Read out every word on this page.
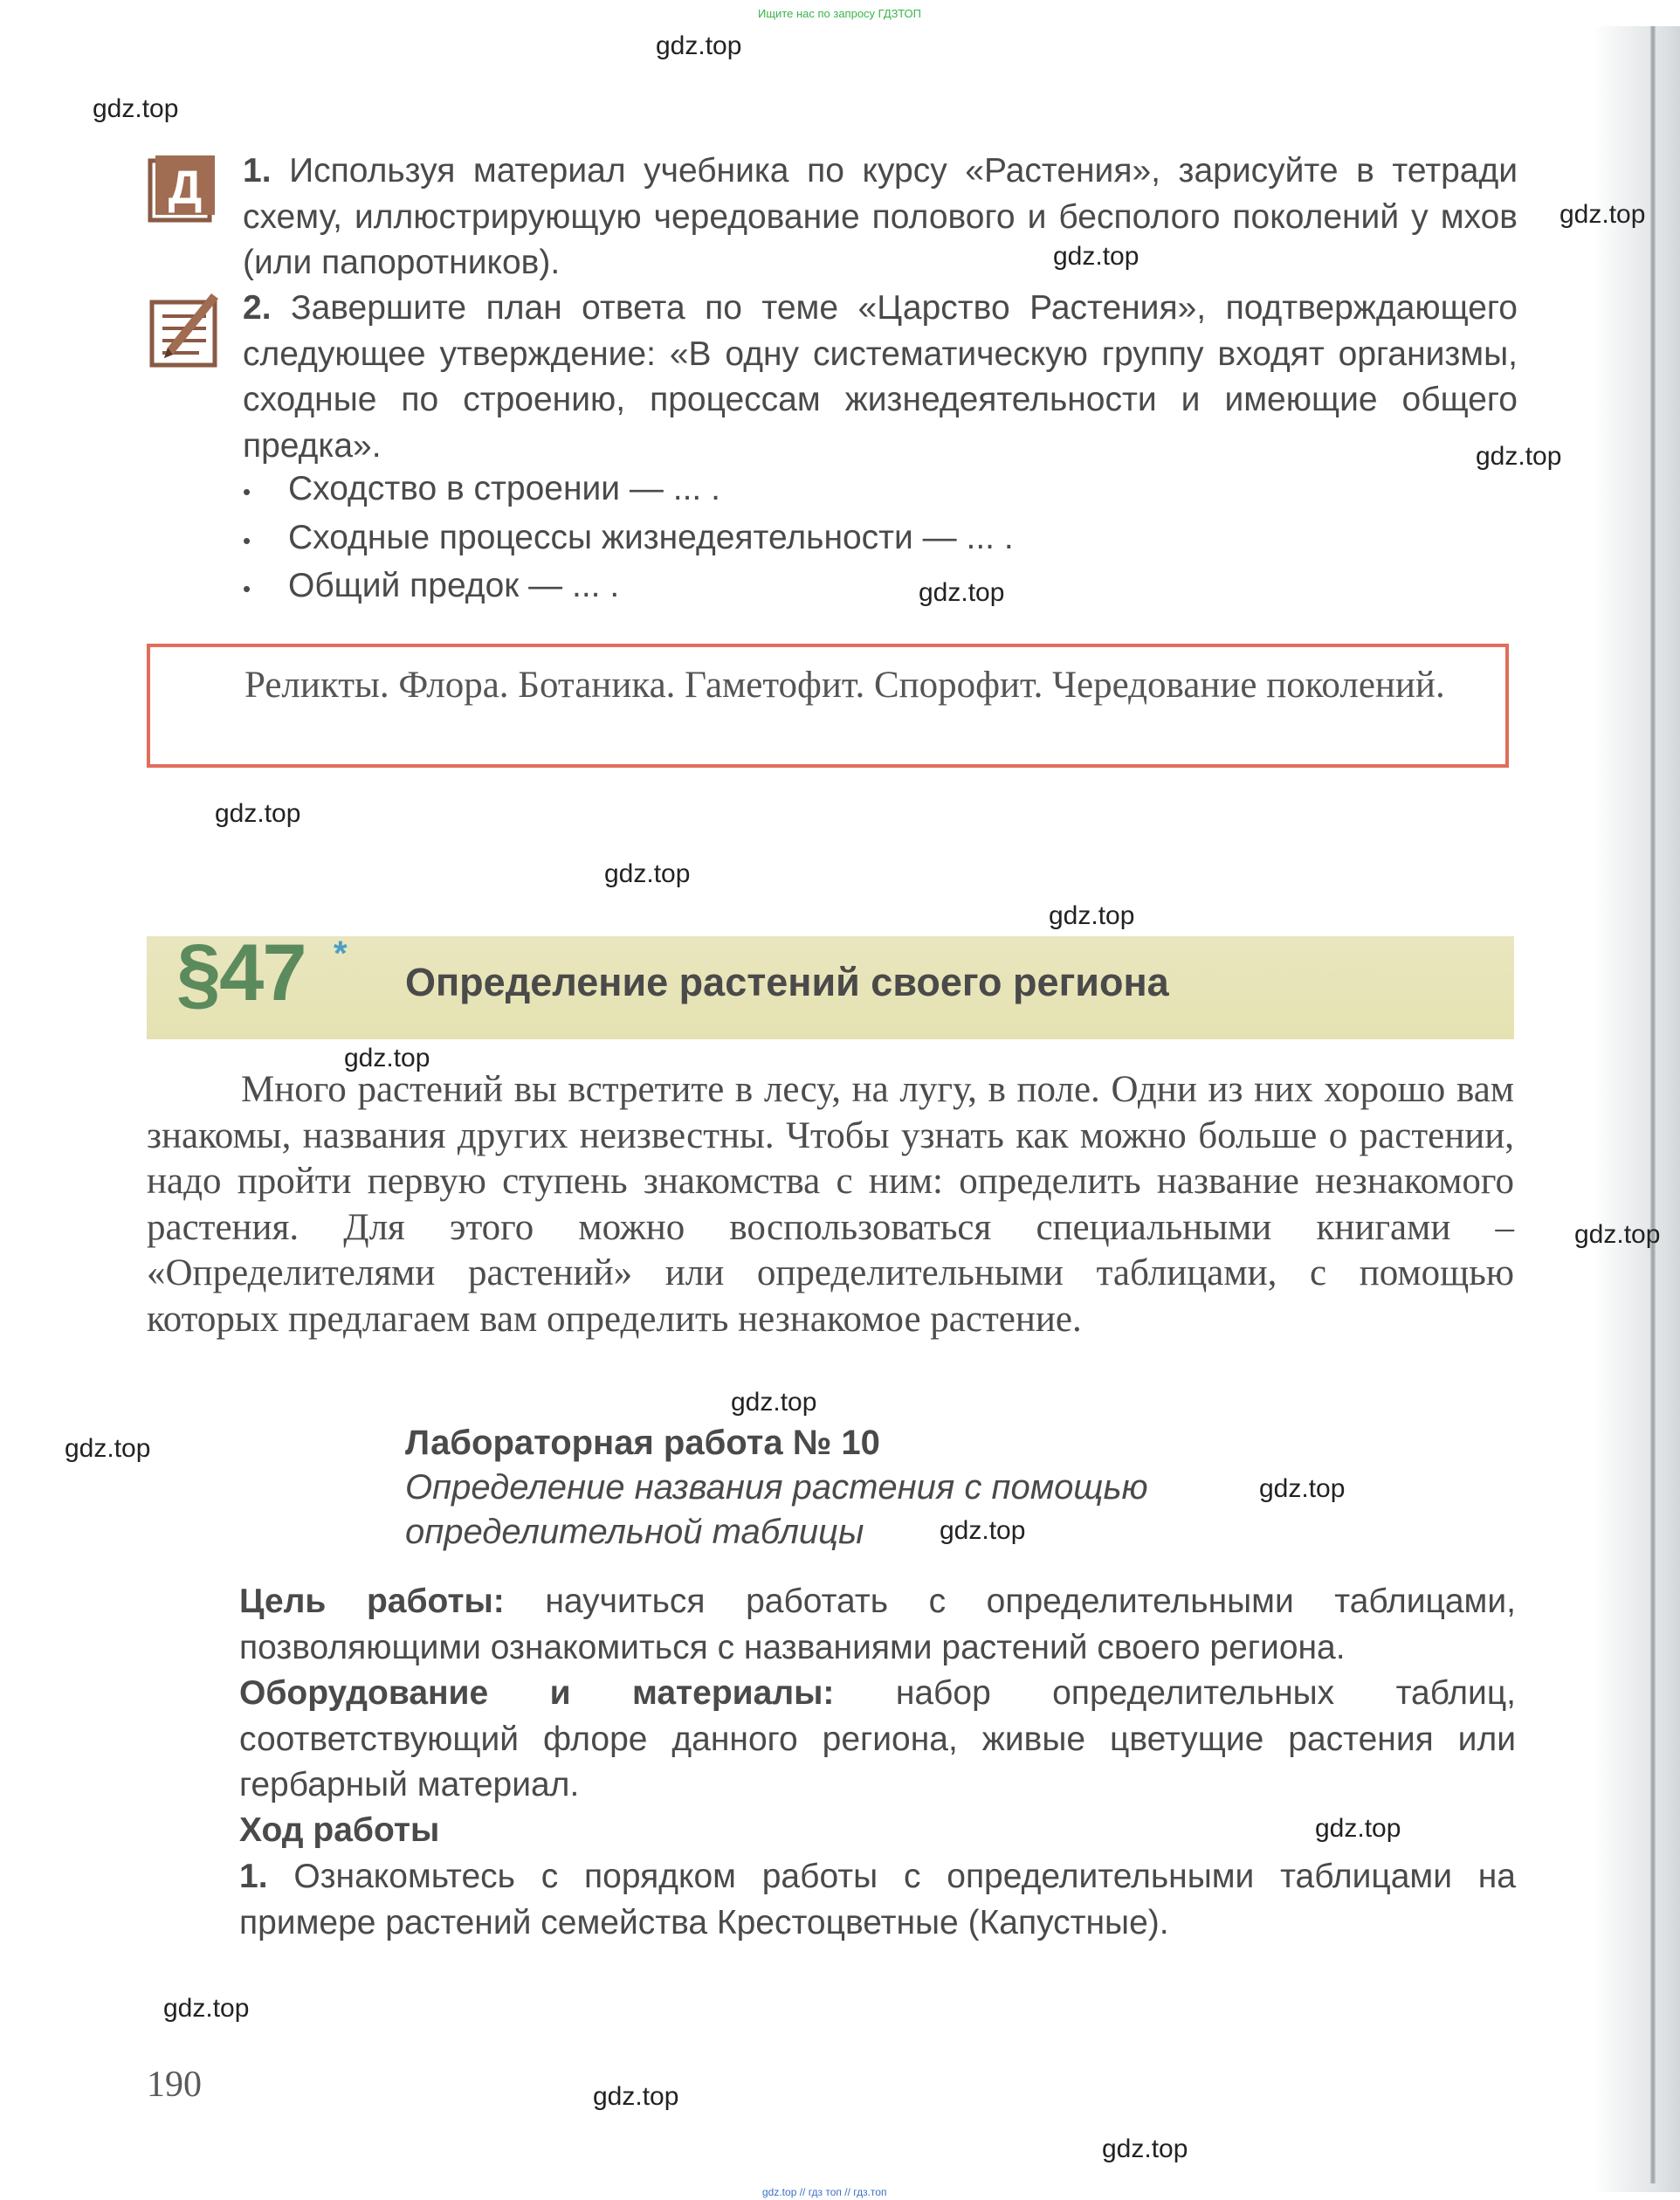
Ищите нас по запросу ГДЗТОП
gdz.top
gdz.top
gdz.top
gdz.top
gdz.top
gdz.top
gdz.top
gdz.top
gdz.top
gdz.top
gdz.top
gdz.top
gdz.top
gdz.top
gdz.top
gdz.top
gdz.top
gdz.top
gdz.top
Д 1. Используя материал учебника по курсу «Растения», зарисуйте в тетради схему, иллюстрирующую чередование полового и бесполого поколений у мхов (или папоротников).
2. Завершите план ответа по теме «Царство Растения», подтверждающего следующее утверждение: «В одну систематическую группу входят организмы, сходные по строению, процессам жизнедеятельности и имеющие общего предка».
•	Сходство в строении — ... .
•	Сходные процессы жизнедеятельности — ... .
•	Общий предок — ... .
Реликты. Флора. Ботаника. Гаметофит. Спорофит. Чередование поколений.
§47 *
Определение растений своего региона
Много растений вы встретите в лесу, на лугу, в поле. Одни из них хорошо вам знакомы, названия других неизвестны. Чтобы узнать как можно больше о растении, надо пройти первую ступень знакомства с ним: определить название незнакомого растения. Для этого можно воспользоваться специальными книгами – «Определителями растений» или определительными таблицами, с помощью которых предлагаем вам определить незнакомое растение.
Лабораторная работа № 10
Определение названия растения с помощью
определительной таблицы
Цель работы: научиться работать с определительными таблицами, позволяющими ознакомиться с названиями растений своего региона.
Оборудование и материалы: набор определительных таблиц, соответствующий флоре данного региона, живые цветущие растения или гербарный материал.
Ход работы
1. Ознакомьтесь с порядком работы с определительными таблицами на примере растений семейства Крестоцветные (Капустные).
190
gdz.top // гдз топ // гдз.топ
